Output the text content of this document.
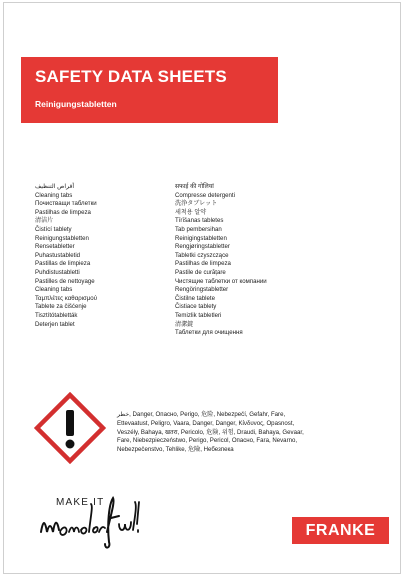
SAFETY DATA SHEETS
Reinigungstabletten
أقراص التنظيف
Cleaning tabs
Почистващи таблетки
Pastilhas de limpeza
清洁片
Čistící tablety
Reinigungstabletten
Rensetabletter
Puhastustabletid
Pastillas de limpieza
Puhdistustabletti
Pastilles de nettoyage
Cleaning tabs
Ταμπλέτες καθαρισμού
Tablete za čišćenje
Tisztítótabletták
Deterjen tablet
सफाई की गोलियां
Compresse detergenti
洗浄タブレット
세척용 알약
Tīrīšanas tabletes
Tab pembersihan
Reinigingstabletten
Rengjøringstabletter
Tabletki czyszczące
Pastilhas de limpeza
Pastile de curățare
Чистящие таблетки от компании
Rengöringstabletter
Čistilne tablete
Čistiace tablety
Temizlik tabletleri
清潔錠
Таблетки для очищення
خطر, Danger, Опасно, Perigo, 危险, Nebezpečí, Gefahr, Fare, Ettevaatust, Peligro, Vaara, Danger, Danger, Κίνδυνος, Opasnost, Veszély, Bahaya, खतरा, Pericolo, 危険, 위험, Draudi, Bahaya, Gevaar, Fare, Niebezpieczeństwo, Perigo, Pericol, Опасно, Fara, Nevarno, Nebezpečenstvo, Tehlike, 危險, Небезпека
MAKE IT
FRANKE
